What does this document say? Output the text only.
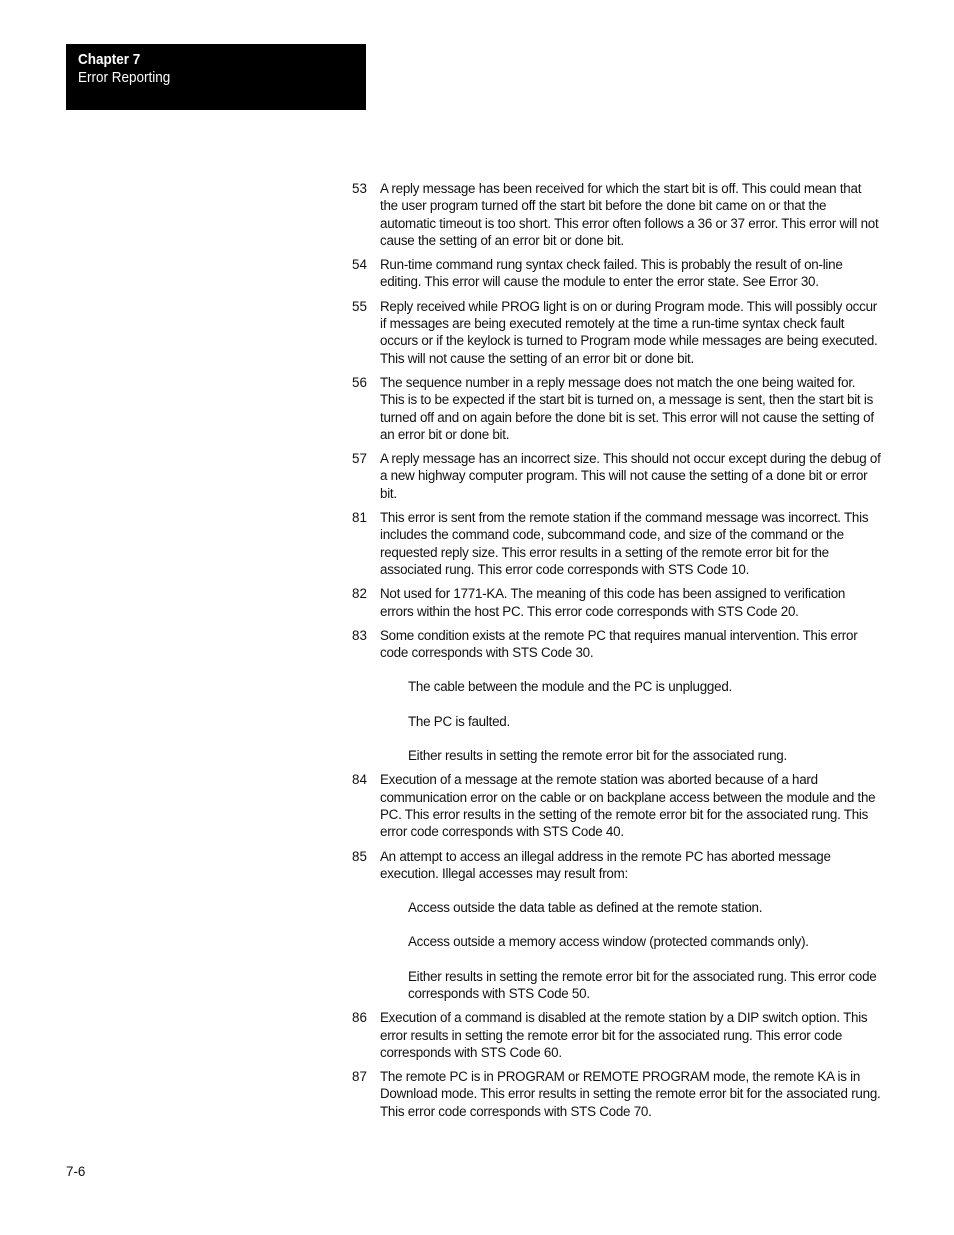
Chapter 7
Error Reporting
53 A reply message has been received for which the start bit is off. This could mean that the user program turned off the start bit before the done bit came on or that the automatic timeout is too short. This error often follows a 36 or 37 error. This error will not cause the setting of an error bit or done bit.

54 Run-time command rung syntax check failed. This is probably the result of on-line editing. This error will cause the module to enter the error state. See Error 30.

55 Reply received while PROG light is on or during Program mode. This will possibly occur if messages are being executed remotely at the time a run-time syntax check fault occurs or if the keylock is turned to Program mode while messages are being executed. This will not cause the setting of an error bit or done bit.

56 The sequence number in a reply message does not match the one being waited for. This is to be expected if the start bit is turned on, a message is sent, then the start bit is turned off and on again before the done bit is set. This error will not cause the setting of an error bit or done bit.

57 A reply message has an incorrect size. This should not occur except during the debug of a new highway computer program. This will not cause the setting of a done bit or error bit.

81 This error is sent from the remote station if the command message was incorrect. This includes the command code, subcommand code, and size of the command or the requested reply size. This error results in a setting of the remote error bit for the associated rung. This error code corresponds with STS Code 10.

82 Not used for 1771-KA. The meaning of this code has been assigned to verification errors within the host PC. This error code corresponds with STS Code 20.

83 Some condition exists at the remote PC that requires manual intervention. This error code corresponds with STS Code 30.

The cable between the module and the PC is unplugged.

The PC is faulted.

Either results in setting the remote error bit for the associated rung.

84 Execution of a message at the remote station was aborted because of a hard communication error on the cable or on backplane access between the module and the PC. This error results in the setting of the remote error bit for the associated rung. This error code corresponds with STS Code 40.

85 An attempt to access an illegal address in the remote PC has aborted message execution. Illegal accesses may result from:

Access outside the data table as defined at the remote station.

Access outside a memory access window (protected commands only).

Either results in setting the remote error bit for the associated rung. This error code corresponds with STS Code 50.

86 Execution of a command is disabled at the remote station by a DIP switch option. This error results in setting the remote error bit for the associated rung. This error code corresponds with STS Code 60.

87 The remote PC is in PROGRAM or REMOTE PROGRAM mode, the remote KA is in Download mode. This error results in setting the remote error bit for the associated rung. This error code corresponds with STS Code 70.

7-6
